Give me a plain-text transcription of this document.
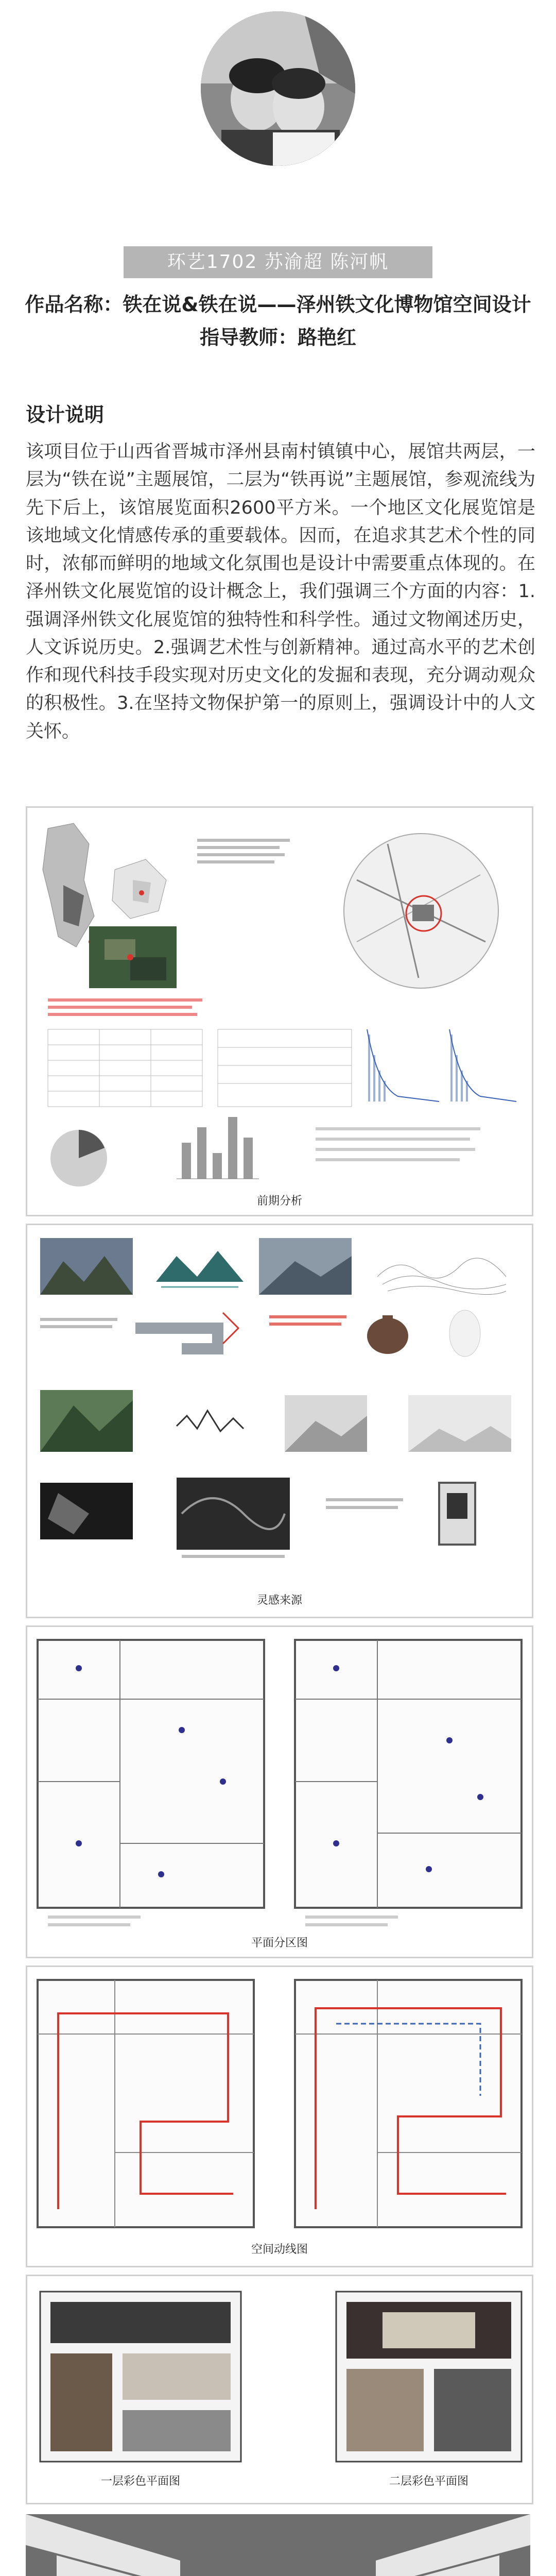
环艺1702 苏渝超 陈河帆
作品名称：铁在说&铁在说——泽州铁文化博物馆空间设计
指导教师：路艳红
设计说明
该项目位于山西省晋城市泽州县南村镇镇中心，展馆共两层，一层为“铁在说”主题展馆，二层为“铁再说”主题展馆，参观流线为先下后上，该馆展览面积2600平方米。一个地区文化展览馆是该地域文化情感传承的重要载体。因而，在追求其艺术个性的同时，浓郁而鲜明的地域文化氛围也是设计中需要重点体现的。在泽州铁文化展览馆的设计概念上，我们强调三个方面的内容：1.强调泽州铁文化展览馆的独特性和科学性。通过文物阐述历史，人文诉说历史。2.强调艺术性与创新精神。通过高水平的艺术创作和现代科技手段实现对历史文化的发掘和表现，充分调动观众的积极性。3.在坚持文物保护第一的原则上，强调设计中的人文关怀。
前期分析
灵感来源
平面分区图
空间动线图
一层彩色平面图	二层彩色平面图
